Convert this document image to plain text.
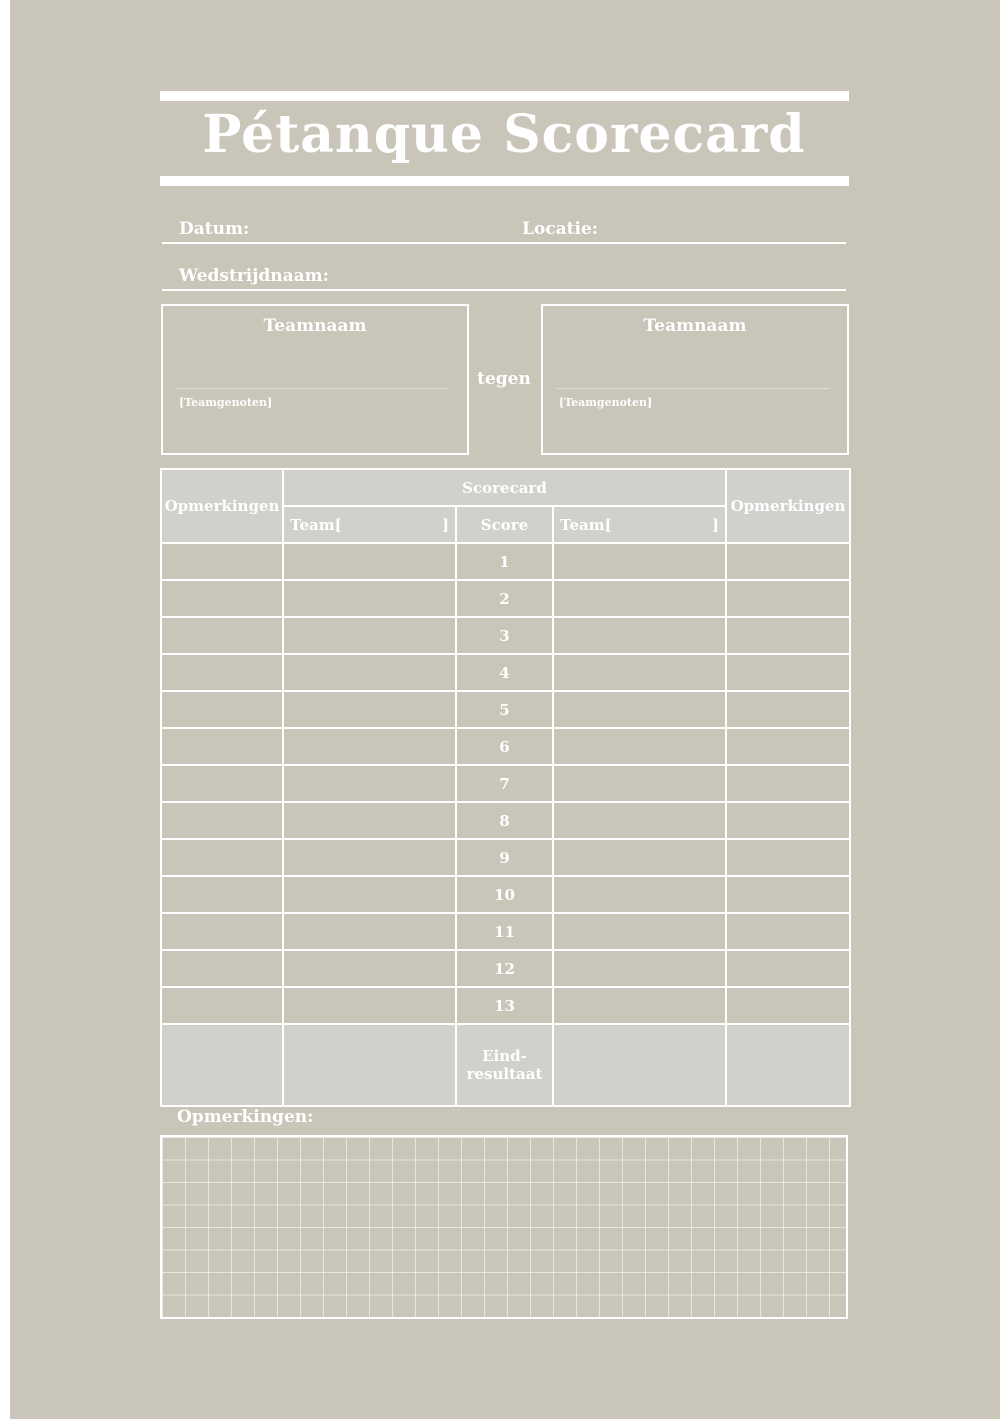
Pétanque Scorecard
Datum:	Locatie:
Wedstrijdnaam:
Teamnaam
[Teamgenoten]
tegen
Teamnaam
[Teamgenoten]
Opmerkingen	Scorecard			Opmerkingen

	Team[ ]	Score	Team[ ]	

		1		
		2		
		3		
		4		
		5		
		6		
		7		
		8		
		9		
		10		
		11		
		12		
		13		

		Eind-
resultaat		

Opmerkingen:
